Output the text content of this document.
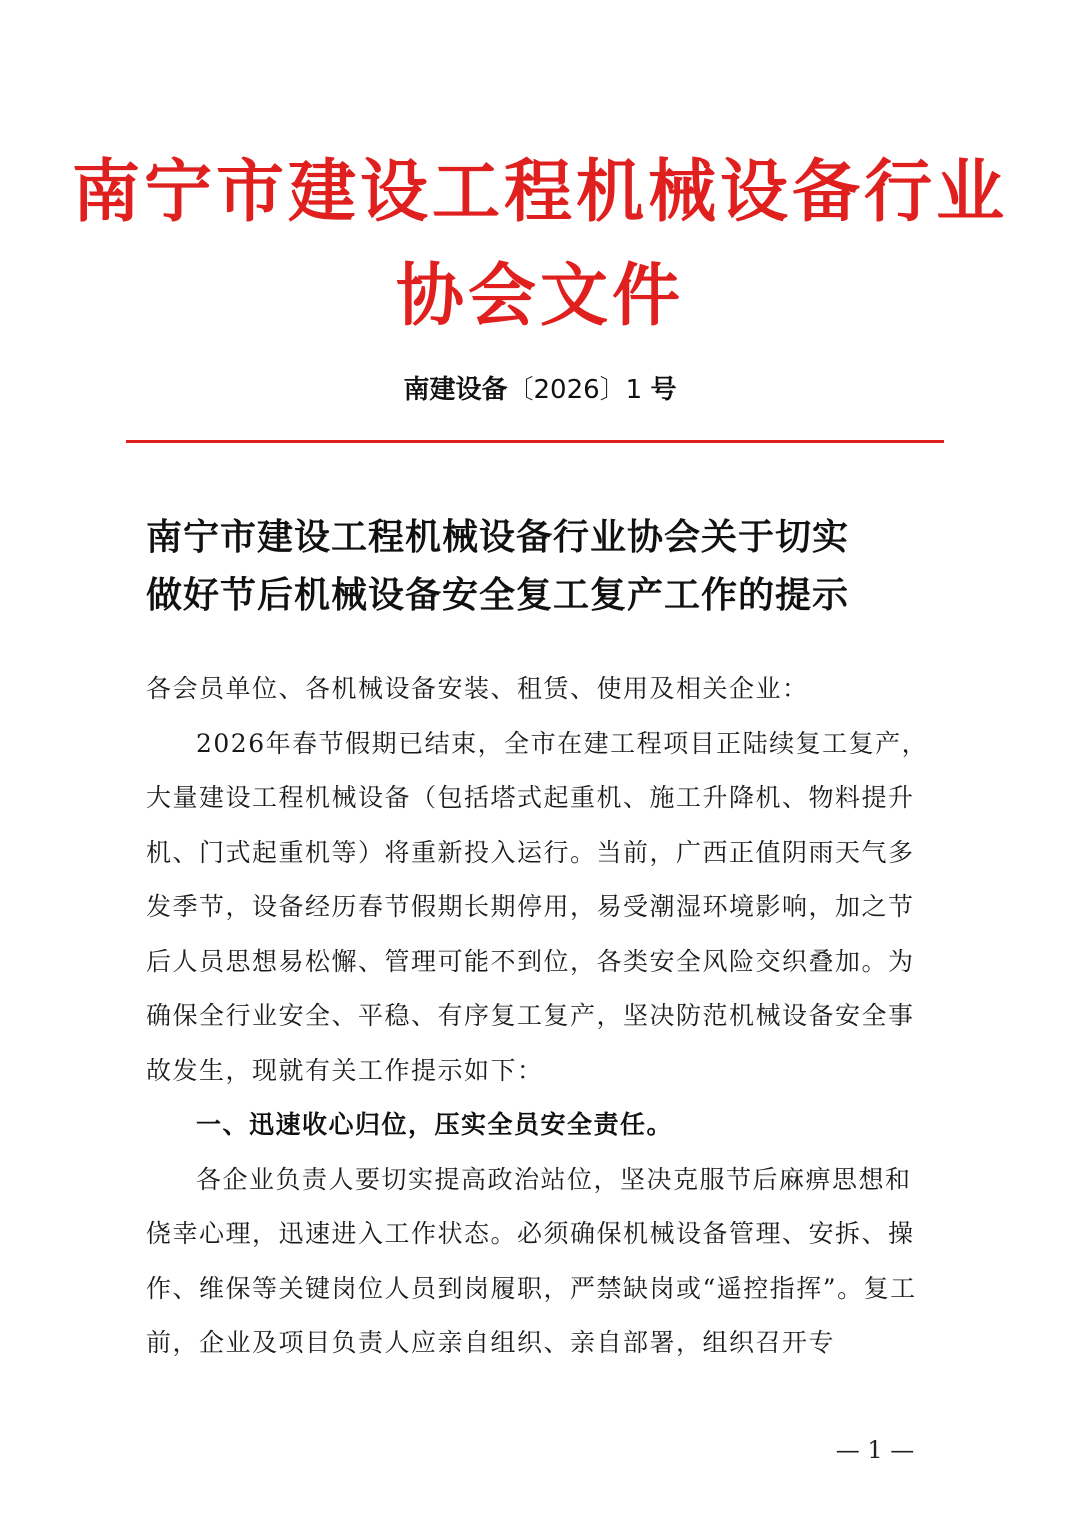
南宁市建设工程机械设备行业
协会文件
南建设备〔2026〕1 号
南宁市建设工程机械设备行业协会关于切实
做好节后机械设备安全复工复产工作的提示

各会员单位、各机械设备安装、租赁、使用及相关企业：

2026年春节假期已结束，全市在建工程项目正陆续复工复产，大量建设工程机械设备（包括塔式起重机、施工升降机、物料提升机、门式起重机等）将重新投入运行。当前，广西正值阴雨天气多发季节，设备经历春节假期长期停用，易受潮湿环境影响，加之节后人员思想易松懈、管理可能不到位，各类安全风险交织叠加。为确保全行业安全、平稳、有序复工复产，坚决防范机械设备安全事故发生，现就有关工作提示如下：

一、迅速收心归位，压实全员安全责任。

各企业负责人要切实提高政治站位，坚决克服节后麻痹思想和侥幸心理，迅速进入工作状态。必须确保机械设备管理、安拆、操作、维保等关键岗位人员到岗履职，严禁缺岗或“遥控指挥”。复工前，企业及项目负责人应亲自组织、亲自部署，组织召开专

— 1 —
